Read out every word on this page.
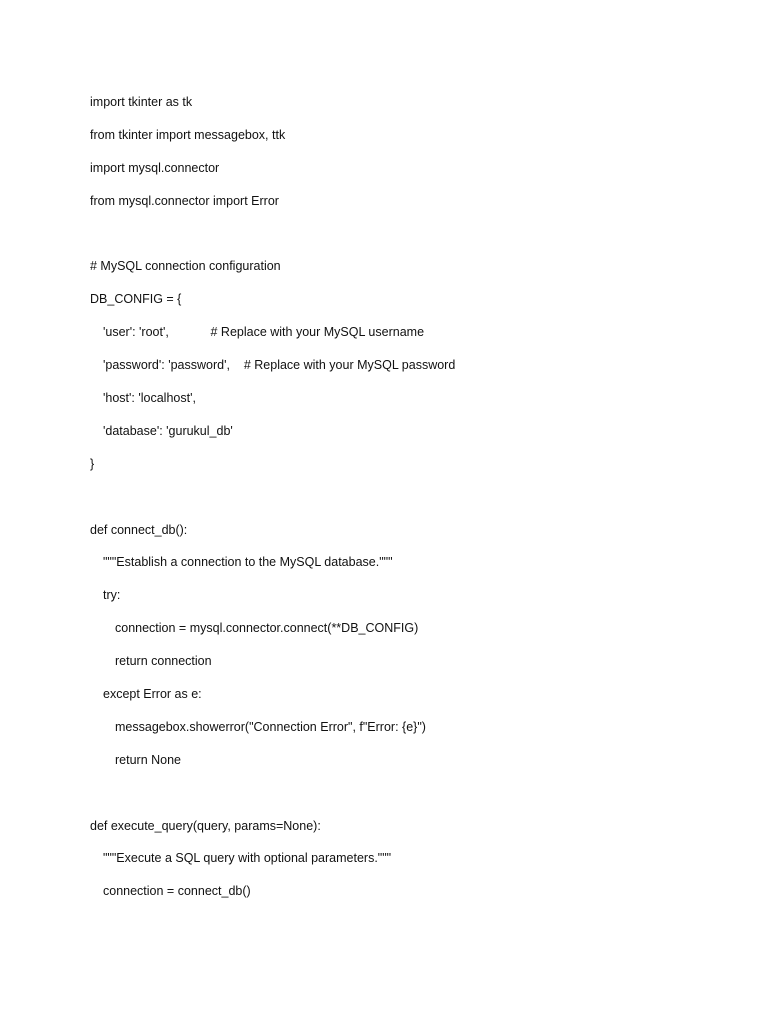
import tkinter as tk
from tkinter import messagebox, ttk
import mysql.connector
from mysql.connector import Error
# MySQL connection configuration
DB_CONFIG = {
'user': 'root',            # Replace with your MySQL username
'password': 'password',    # Replace with your MySQL password
'host': 'localhost',
'database': 'gurukul_db'
}
def connect_db():
"""Establish a connection to the MySQL database."""
try:
connection = mysql.connector.connect(**DB_CONFIG)
return connection
except Error as e:
messagebox.showerror("Connection Error", f"Error: {e}")
return None
def execute_query(query, params=None):
"""Execute a SQL query with optional parameters."""
connection = connect_db()
